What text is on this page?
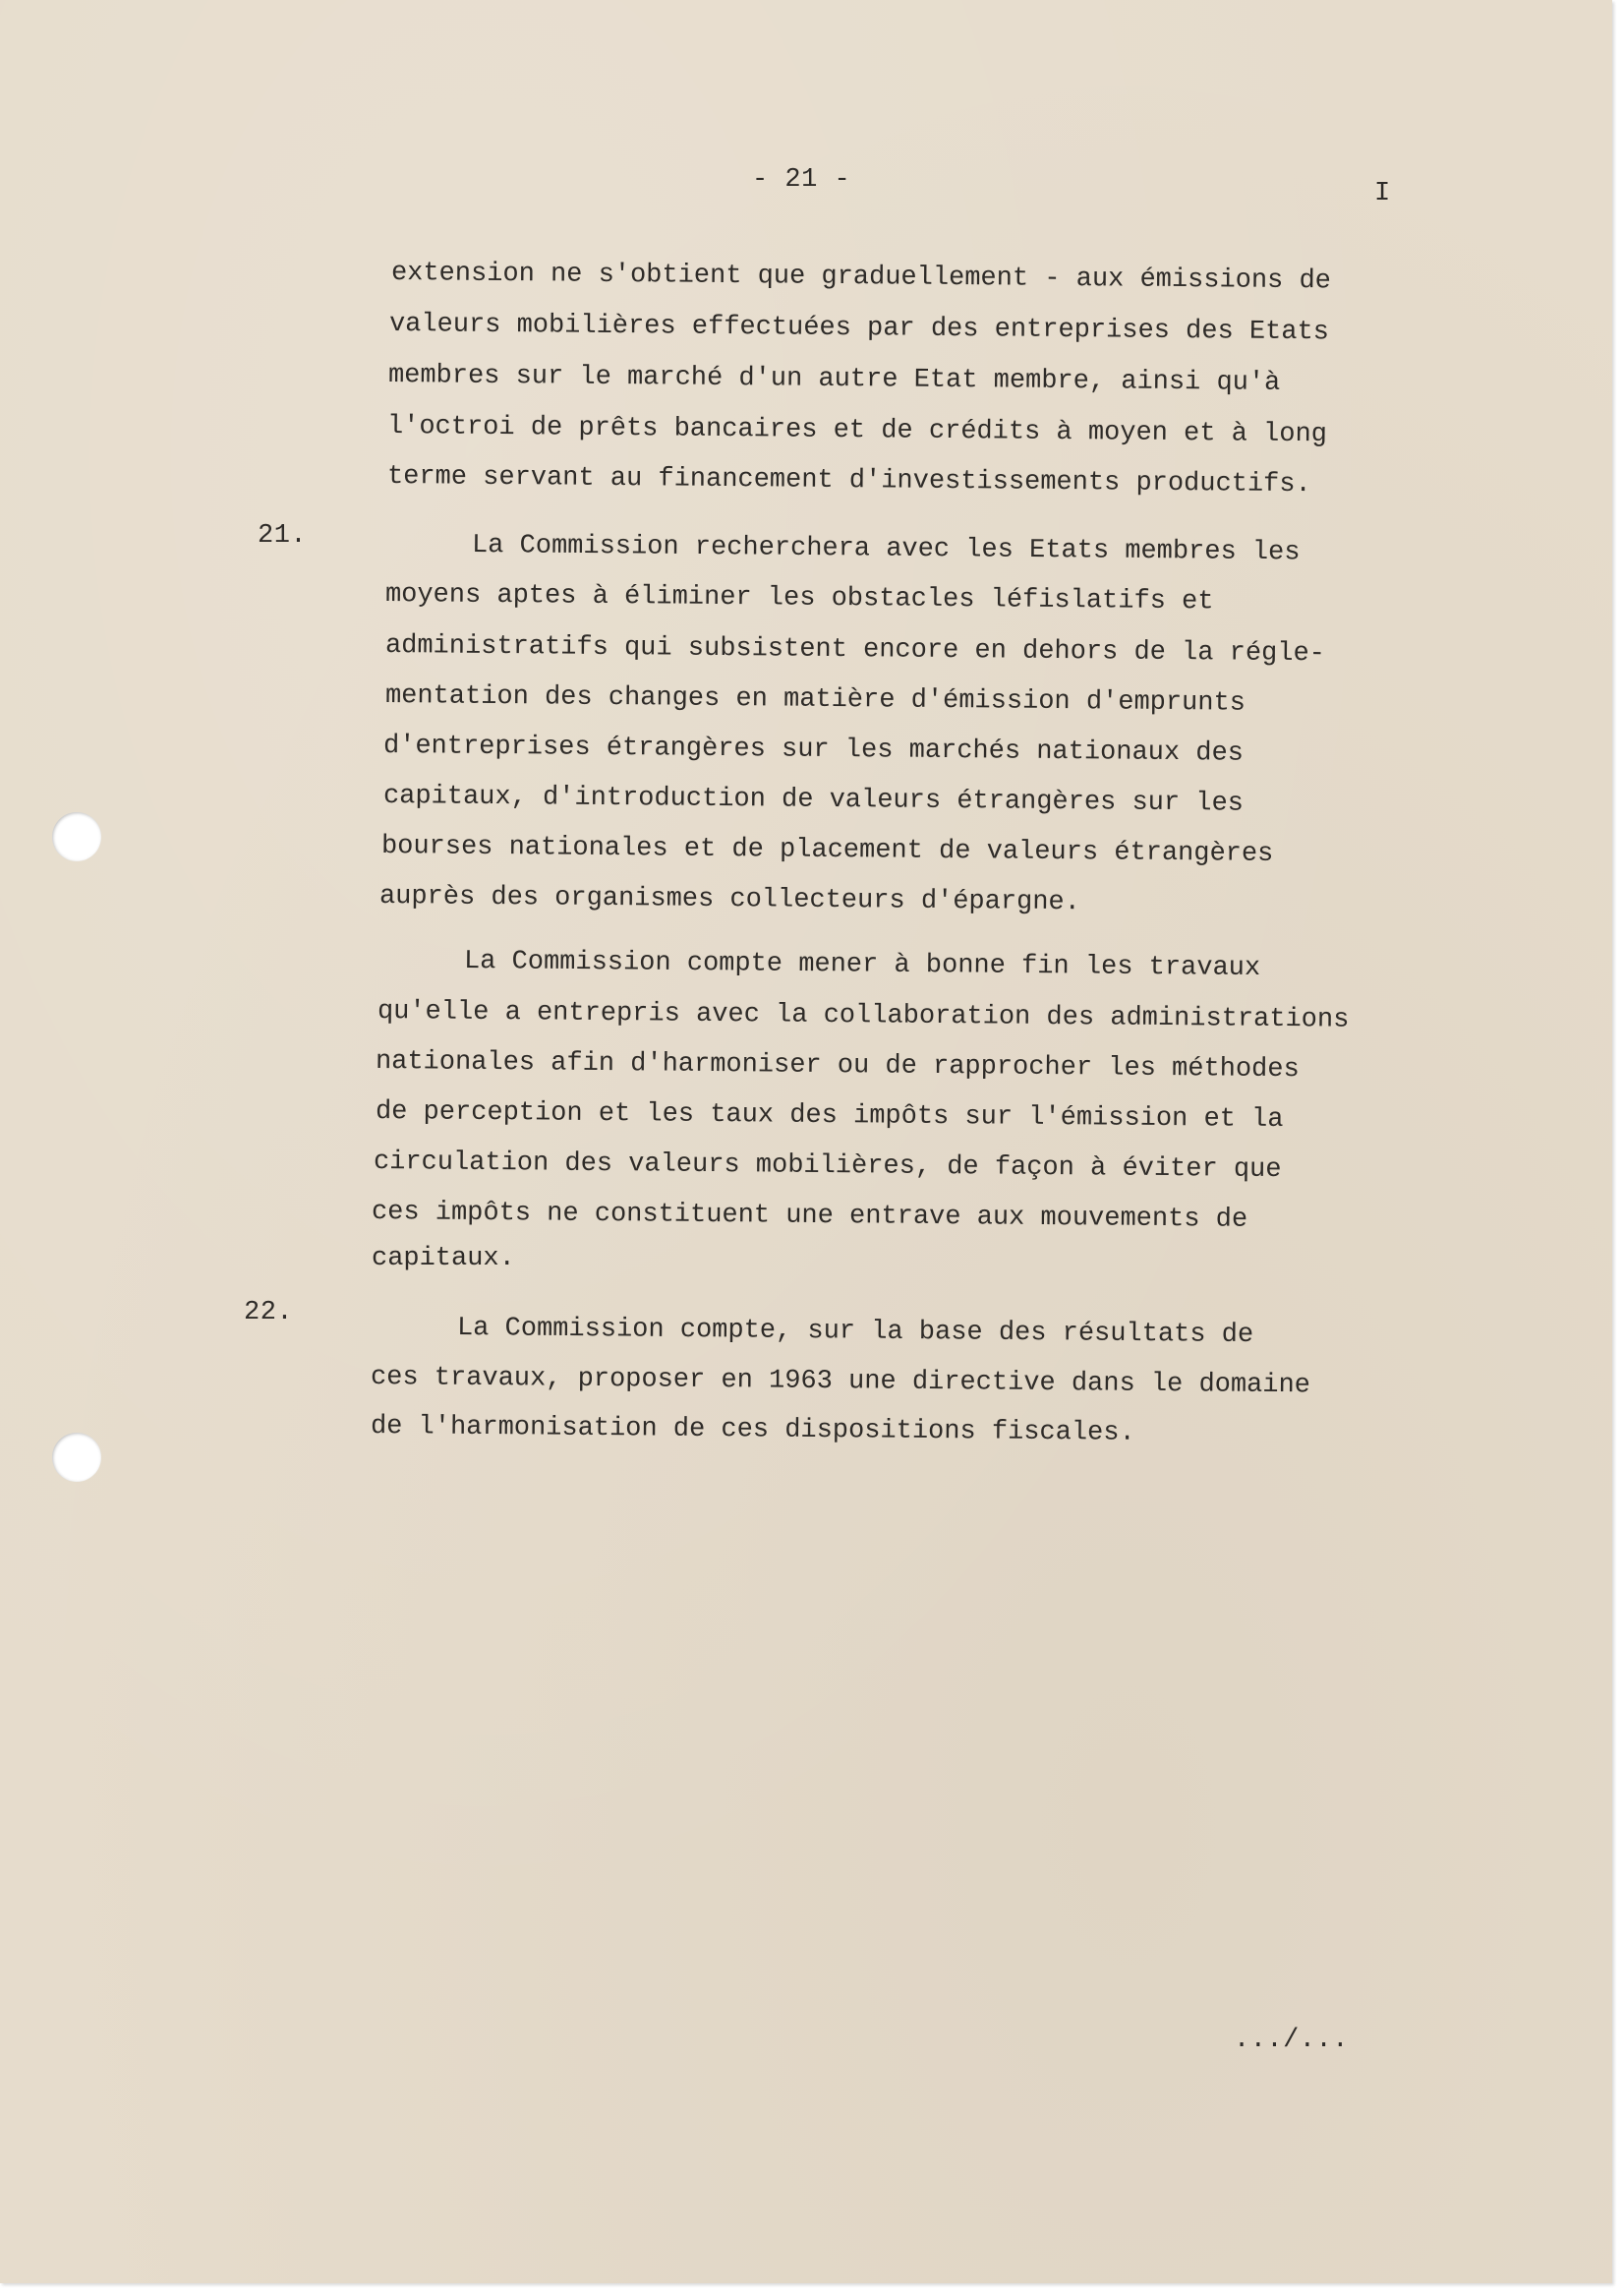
- 21 -	I
extension ne s'obtient que graduellement - aux émissions de
valeurs mobilières effectuées par des entreprises des Etats
membres sur le marché d'un autre Etat membre, ainsi qu'à
l'octroi de prêts bancaires et de crédits à moyen et à long
terme servant au financement d'investissements productifs.
21.	La Commission recherchera avec les Etats membres les
moyens aptes à éliminer les obstacles léfislatifs et
administratifs qui subsistent encore en dehors de la régle-
mentation des changes en matière d'émission d'emprunts
d'entreprises étrangères sur les marchés nationaux des
capitaux, d'introduction de valeurs étrangères sur les
bourses nationales et de placement de valeurs étrangères
auprès des organismes collecteurs d'épargne.
La Commission compte mener à bonne fin les travaux
qu'elle a entrepris avec la collaboration des administrations
nationales afin d'harmoniser ou de rapprocher les méthodes
de perception et les taux des impôts sur l'émission et la
circulation des valeurs mobilières, de façon à éviter que
ces impôts ne constituent une entrave aux mouvements de
capitaux.
22.
La Commission compte, sur la base des résultats de
ces travaux, proposer en 1963 une directive dans le domaine
de l'harmonisation de ces dispositions fiscales.
.../...
